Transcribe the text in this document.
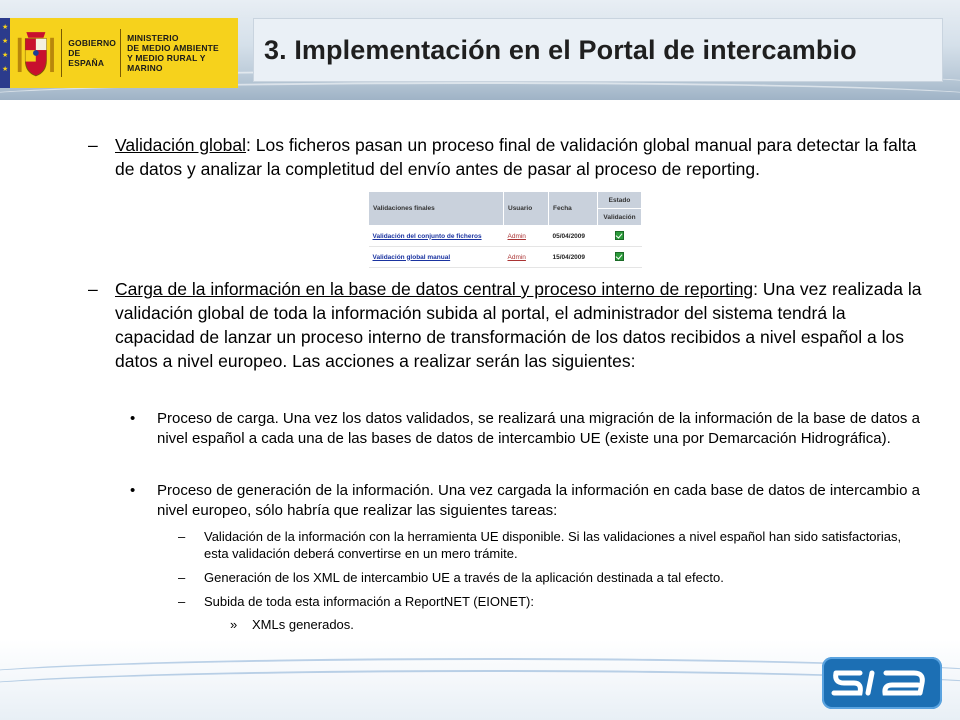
★
★
★
★
GOBIERNO
DE ESPAÑA
MINISTERIO
DE MEDIO AMBIENTE
Y MEDIO RURAL Y MARINO
3. Implementación en el Portal de intercambio
– Validación global: Los ficheros pasan un proceso final de validación global manual para detectar la falta de datos y analizar la completitud del envío antes de pasar al proceso de reporting.
Validaciones finales	Usuario	Fecha	Estado
			Validación
Validación del conjunto de ficheros	Admin	05/04/2009	
Validación global manual	Admin	15/04/2009	
– Carga de la información en la base de datos central y proceso interno de reporting: Una vez realizada la validación global de toda la información subida al portal, el administrador del sistema tendrá la capacidad de lanzar un proceso interno de transformación de los datos recibidos a nivel español a los datos a nivel europeo. Las acciones a realizar serán las siguientes:
• Proceso de carga. Una vez los datos validados, se realizará una migración de la información de la base de datos a nivel español a cada una de las bases de datos de intercambio UE (existe una por Demarcación Hidrográfica).
• Proceso de generación de la información. Una vez cargada la información en cada base de datos de intercambio a nivel europeo, sólo habría que realizar las siguientes tareas:
– Validación de la información con la herramienta UE disponible. Si las validaciones a nivel español han sido satisfactorias, esta validación deberá convertirse en un mero trámite.
– Generación de los XML de intercambio UE a través de la aplicación destinada a tal efecto.
– Subida de toda esta información a ReportNET (EIONET):
» XMLs generados.
